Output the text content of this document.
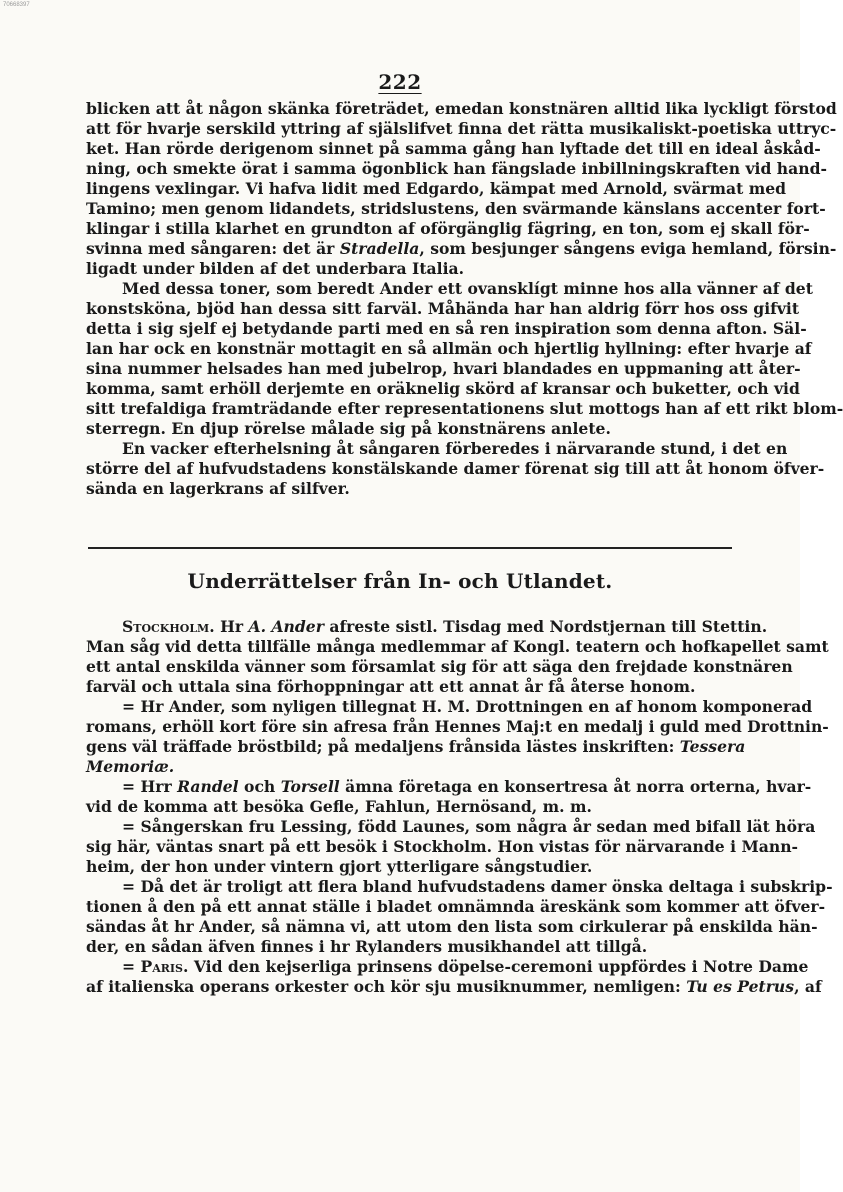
70668397
222
blicken att åt någon skänka företrädet, emedan konstnären alltid lika lyckligt förstod
att för hvarje serskild yttring af själslifvet finna det rätta musikaliskt-poetiska uttryc-
ket. Han rörde derigenom sinnet på samma gång han lyftade det till en ideal åskåd-
ning, och smekte örat i samma ögonblick han fängslade inbillningskraften vid hand-
lingens vexlingar. Vi hafva lidit med Edgardo, kämpat med Arnold, svärmat med
Tamino; men genom lidandets, stridslustens, den svärmande känslans accenter fort-
klingar i stilla klarhet en grundton af oförgänglig fägring, en ton, som ej skall för-
svinna med sångaren: det är Stradella, som besjunger sångens eviga hemland, försin-
ligadt under bilden af det underbara Italia.
Med dessa toner, som beredt Ander ett ovansklígt minne hos alla vänner af det
konstsköna, bjöd han dessa sitt farväl. Måhända har han aldrig förr hos oss gifvit
detta i sig sjelf ej betydande parti med en så ren inspiration som denna afton. Säl-
lan har ock en konstnär mottagit en så allmän och hjertlig hyllning: efter hvarje af
sina nummer helsades han med jubelrop, hvari blandades en uppmaning att åter-
komma, samt erhöll derjemte en oräknelig skörd af kransar och buketter, och vid
sitt trefaldiga framträdande efter representationens slut mottogs han af ett rikt blom-
sterregn. En djup rörelse målade sig på konstnärens anlete.
En vacker efterhelsning åt sångaren förberedes i närvarande stund, i det en
större del af hufvudstadens konstälskande damer förenat sig till att åt honom öfver-
sända en lagerkrans af silfver.
Underrättelser från In- och Utlandet.
Stockholm. Hr A. Ander afreste sistl. Tisdag med Nordstjernan till Stettin.
Man såg vid detta tillfälle många medlemmar af Kongl. teatern och hofkapellet samt
ett antal enskilda vänner som församlat sig för att säga den frejdade konstnären
farväl och uttala sina förhoppningar att ett annat år få återse honom.
= Hr Ander, som nyligen tillegnat H. M. Drottningen en af honom komponerad
romans, erhöll kort före sin afresa från Hennes Maj:t en medalj i guld med Drottnin-
gens väl träffade bröstbild; på medaljens frånsida lästes inskriften: Tessera
Memoriæ.
= Hrr Randel och Torsell ämna företaga en konsertresa åt norra orterna, hvar-
vid de komma att besöka Gefle, Fahlun, Hernösand, m. m.
= Sångerskan fru Lessing, född Launes, som några år sedan med bifall lät höra
sig här, väntas snart på ett besök i Stockholm. Hon vistas för närvarande i Mann-
heim, der hon under vintern gjort ytterligare sångstudier.
= Då det är troligt att flera bland hufvudstadens damer önska deltaga i subskrip-
tionen å den på ett annat ställe i bladet omnämnda äreskänk som kommer att öfver-
sändas åt hr Ander, så nämna vi, att utom den lista som cirkulerar på enskilda hän-
der, en sådan äfven finnes i hr Rylanders musikhandel att tillgå.
= Paris. Vid den kejserliga prinsens döpelse-ceremoni uppfördes i Notre Dame
af italienska operans orkester och kör sju musiknummer, nemligen: Tu es Petrus, af
